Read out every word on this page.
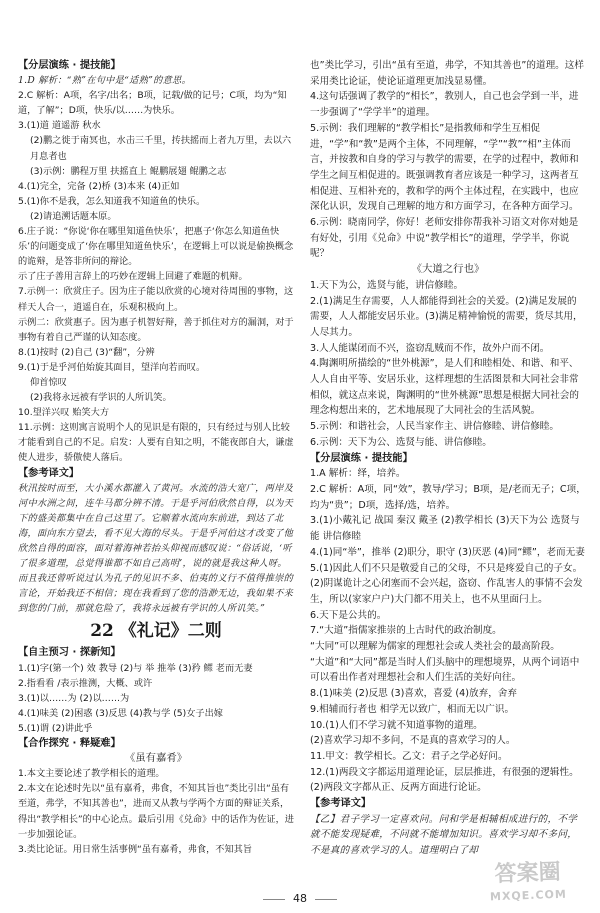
【分层演练 · 提技能】
1.D 解析：“熟”在句中是“适熟”的意思。
2.C 解析：A项，名字/出名；B项，记载/做的记号；C项，均为“知道，了解”；D项，快乐/以……为快乐。
3.(1)道 道遥游 秋水
(2)鹏之徙于南冥也，水击三千里，抟扶摇而上者九万里，去以六月息者也
(3)示例：鹏程万里 扶摇直上 鲲鹏展翅 鲲鹏之志
4.(1)完全，完备 (2)桥 (3)本来 (4)正如
5.(1)你不是我，怎么知道我不知道鱼的快乐。
(2)请追溯话题本原。
6.庄子说：“你说‘你在哪里知道鱼快乐’，把惠子‘你怎么知道鱼快乐’的问题变成了‘你在哪里知道鱼快乐’，在逻辑上可以说是偷换概念的诡辩，是答非所问的辩论。
示了庄子善用言辞上的巧妙在逻辑上回避了难题的机辩。
7.示例一：欣赏庄子。因为庄子能以欣赏的心境对待周围的事物，这样天人合一，逍遥自在，乐观积极向上。
示例二：欣赏惠子。因为惠子机智好辩，善于抓住对方的漏洞，对于事物有着自己严谨的认知态度。
8.(1)按时 (2)自己 (3)“翻”，分辨
9.(1)于是乎河伯始旋其面目，望洋向若而叹。
仰首惊叹
(2)我将永远被有学识的人所讥笑。
10.望洋兴叹 贻笑大方
11.示例：这则寓言说明个人的见识是有限的，只有经过与别人比较才能看到自己的不足。启发：人要有自知之明，不能夜郎自大，谦虚使人进步，骄傲使人落后。
【参考译文】
秋汛按时而至，大小溪水都灌入了黄河。水流的浩大宽广，两岸及河中水洲之间，连牛马都分辨不清。于是乎河伯欣然自得，以为天下的盛美都集中在自己这里了。它顺着水流向东前进，到达了北海，面向东方望去，看不见大海的尽头。于是乎河伯这才改变了他欣然自得的面容，面对着海神若抬头仰视而感叹说：“俗话说，‘听了很多道理，总觉得谁都不如自己高明’，说的就是我这种人呀。而且我还曾听说过认为孔子的见识不多、伯夷的义行不值得推崇的言论，开始我还不相信；现在我看到了您的浩渺无边，我如果不来到您的门前，那就危险了，我将永远被有学识的人所讥笑。”
22 《礼记》二则
【自主预习 · 探新知】
1.(1)字(第一个) 效 教导 (2)与 举 推举 (3)矜 鳏 老而无妻
2.指看看 /表示推测，大概、或许
3.(1)以……为 (2)以……为
4.(1)味美 (2)困惑 (3)反思 (4)教与学 (5)女子出嫁
5.(1)谓 (2)讲此乎
【合作探究 · 释疑难】
《虽有嘉肴》
1.本文主要论述了教学相长的道理。
2.本文在论述时先以“虽有嘉肴，弗食，不知其旨也”类比引出“虽有至道，弗学，不知其善也”，进而又从教与学两个方面的辩证关系，得出“教学相长”的中心论点。最后引用《兑命》中的话作为佐证，进一步加强论证。
3.类比论证。用日常生活事例“虽有嘉肴，弗食，不知其旨
也”类比学习，引出“虽有至道，弗学，不知其善也”的道理。这样采用类比论证，使论证道理更加浅显易懂。
4.这句话强调了教学的“相长”，教别人，自己也会学到一半，进一步强调了“学学半”的道理。
5.示例：我们理解的“教学相长”是指教师和学生互相促进，“学”和“教”是两个主体，不同理解，“学”“教”“相”主体而言，并按教和自身的学习与教学的需要，在学的过程中，教师和学生之间互相促进的。既强调教育者应该是一种学习，这两者互相促进、互相补充的，教和学的两个主体过程，在实践中，也应深化认识，发现自己理解的地方和方面学习，在各种方面学习。
6.示例：晓南同学，你好！老师安排你帮我补习语文对你对她是有好处，引用《兑命》中说“教学相长”的道理，学学半，你说呢？
《大道之行也》
1.天下为公，选贤与能，讲信修睦。
2.(1)满足生存需要，人人都能得到社会的关爱。(2)满足发展的需要，人人都能安居乐业。(3)满足精神愉悦的需要，货尽其用，人尽其力。
3.人人能谋闭而不兴，盗窃乱贼而不作，故外户而不闭。
4.陶渊明所描绘的“世外桃源”，是人们和睦相处、和谐、和平、人人自由平等、安居乐业，这样理想的生活图景和大同社会非常相似，就这点来说，陶渊明的“世外桃源”思想是根据大同社会的理念构想出来的，艺术地展现了大同社会的生活风貌。
5.示例：和谐社会，人民当家作主、讲信修睦、讲信修睦。
6.示例：天下为公、选贤与能、讲信修睦。
【分层演练 · 提技能】
1.A 解析：绎，培养。
2.C 解析：A项，同“效”，教导/学习；B项，是/老而无子；C项，均为“贵”；D项，选择/选，培养。
3.(1)小戴礼记 战国 秦汉 戴圣 (2)教学相长 (3)天下为公 选贤与能 讲信修睦
4.(1)同“举”，推举 (2)职分，职守 (3)厌恶 (4)同“鳏”，老而无妻
5.(1)因此人们不只是敬爱自己的父母，不只是疼爱自己的子女。
(2)阴谋诡计之心闭塞而不会兴起，盗窃、作乱害人的事情不会发生，所以(家家户户)大门都不用关上，也不从里面闩上。
6.天下是公共的。
7.“大道”指儒家推崇的上古时代的政治制度。
“大同”可以理解为儒家的理想社会或人类社会的最高阶段。
“大道”和“大同”都是当时人们头脑中的理想境界，从两个词语中可以看出作者对理想社会和人们生活的美好向往。
8.(1)味美 (2)反思 (3)喜欢，喜爱 (4)放弃，舍弃
9.相辅而行者也 相学无以致广，相而无以广识。
10.(1)人们不学习就不知道事物的道理。
(2)喜欢学习却不多问，不是真的喜欢学习的人。
11.甲文：教学相长。乙文：君子之学必好问。
12.(1)两段文字都运用道理论证，层层推进，有很强的逻辑性。(2)两段文字都从正、反两方面进行论证。
【参考译文】
【乙】君子学习一定喜欢问。问和学是相辅相成进行的，不学就不能发现疑难，不问就不能增加知识。喜欢学习却不多问，不是真的喜欢学习的人。道理明白了却
48
答案圈
MXQE.COM
